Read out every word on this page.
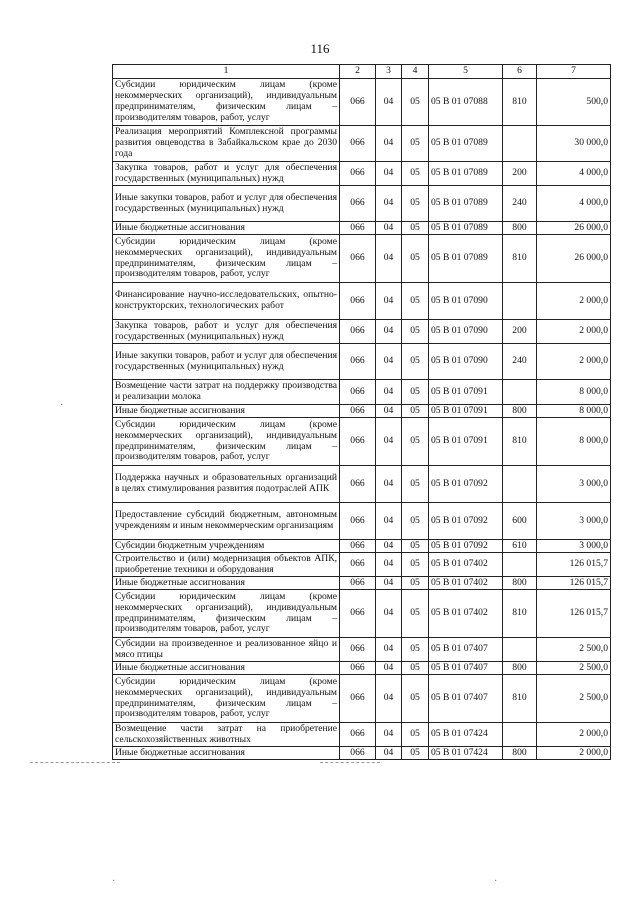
116
1	2	3	4	5	6	7
Субсидии юридическим лицам (кроме некоммерческих организаций), индивидуальным предпринимателям, физическим лицам – производителям товаров, работ, услуг	066	04	05	05 В 01 07088	810	500,0
Реализация мероприятий Комплексной программы развития овцеводства в Забайкальском крае до 2030 года	066	04	05	05 В 01 07089		30 000,0
Закупка товаров, работ и услуг для обеспечения государственных (муниципальных) нужд	066	04	05	05 В 01 07089	200	4 000,0
Иные закупки товаров, работ и услуг для обеспечения государственных (муниципальных) нужд	066	04	05	05 В 01 07089	240	4 000,0
Иные бюджетные ассигнования	066	04	05	05 В 01 07089	800	26 000,0
Субсидии юридическим лицам (кроме некоммерческих организаций), индивидуальным предпринимателям, физическим лицам – производителям товаров, работ, услуг	066	04	05	05 В 01 07089	810	26 000,0
Финансирование научно-исследовательских, опытно-конструкторских, технологических работ	066	04	05	05 В 01 07090		2 000,0
Закупка товаров, работ и услуг для обеспечения государственных (муниципальных) нужд	066	04	05	05 В 01 07090	200	2 000,0
Иные закупки товаров, работ и услуг для обеспечения государственных (муниципальных) нужд	066	04	05	05 В 01 07090	240	2 000,0
Возмещение части затрат на поддержку производства и реализации молока	066	04	05	05 В 01 07091		8 000,0
Иные бюджетные ассигнования	066	04	05	05 В 01 07091	800	8 000,0
Субсидии юридическим лицам (кроме некоммерческих организаций), индивидуальным предпринимателям, физическим лицам – производителям товаров, работ, услуг	066	04	05	05 В 01 07091	810	8 000,0
Поддержка научных и образовательных организаций в целях стимулирования развития подотраслей АПК	066	04	05	05 В 01 07092		3 000,0
Предоставление субсидий бюджетным, автономным учреждениям и иным некоммерческим организациям	066	04	05	05 В 01 07092	600	3 000,0
Субсидии бюджетным учреждениям	066	04	05	05 В 01 07092	610	3 000,0
Строительство и (или) модернизация объектов АПК, приобретение техники и оборудования	066	04	05	05 В 01 07402		126 015,7
Иные бюджетные ассигнования	066	04	05	05 В 01 07402	800	126 015,7
Субсидии юридическим лицам (кроме некоммерческих организаций), индивидуальным предпринимателям, физическим лицам – производителям товаров, работ, услуг	066	04	05	05 В 01 07402	810	126 015,7
Субсидии на произведенное и реализованное яйцо и мясо птицы	066	04	05	05 В 01 07407		2 500,0
Иные бюджетные ассигнования	066	04	05	05 В 01 07407	800	2 500,0
Субсидии юридическим лицам (кроме некоммерческих организаций), индивидуальным предпринимателям, физическим лицам – производителям товаров, работ, услуг	066	04	05	05 В 01 07407	810	2 500,0
Возмещение части затрат на приобретение сельскохозяйственных животных	066	04	05	05 В 01 07424		2 000,0
Иные бюджетные ассигнования	066	04	05	05 В 01 07424	800	2 000,0
·
·	·
